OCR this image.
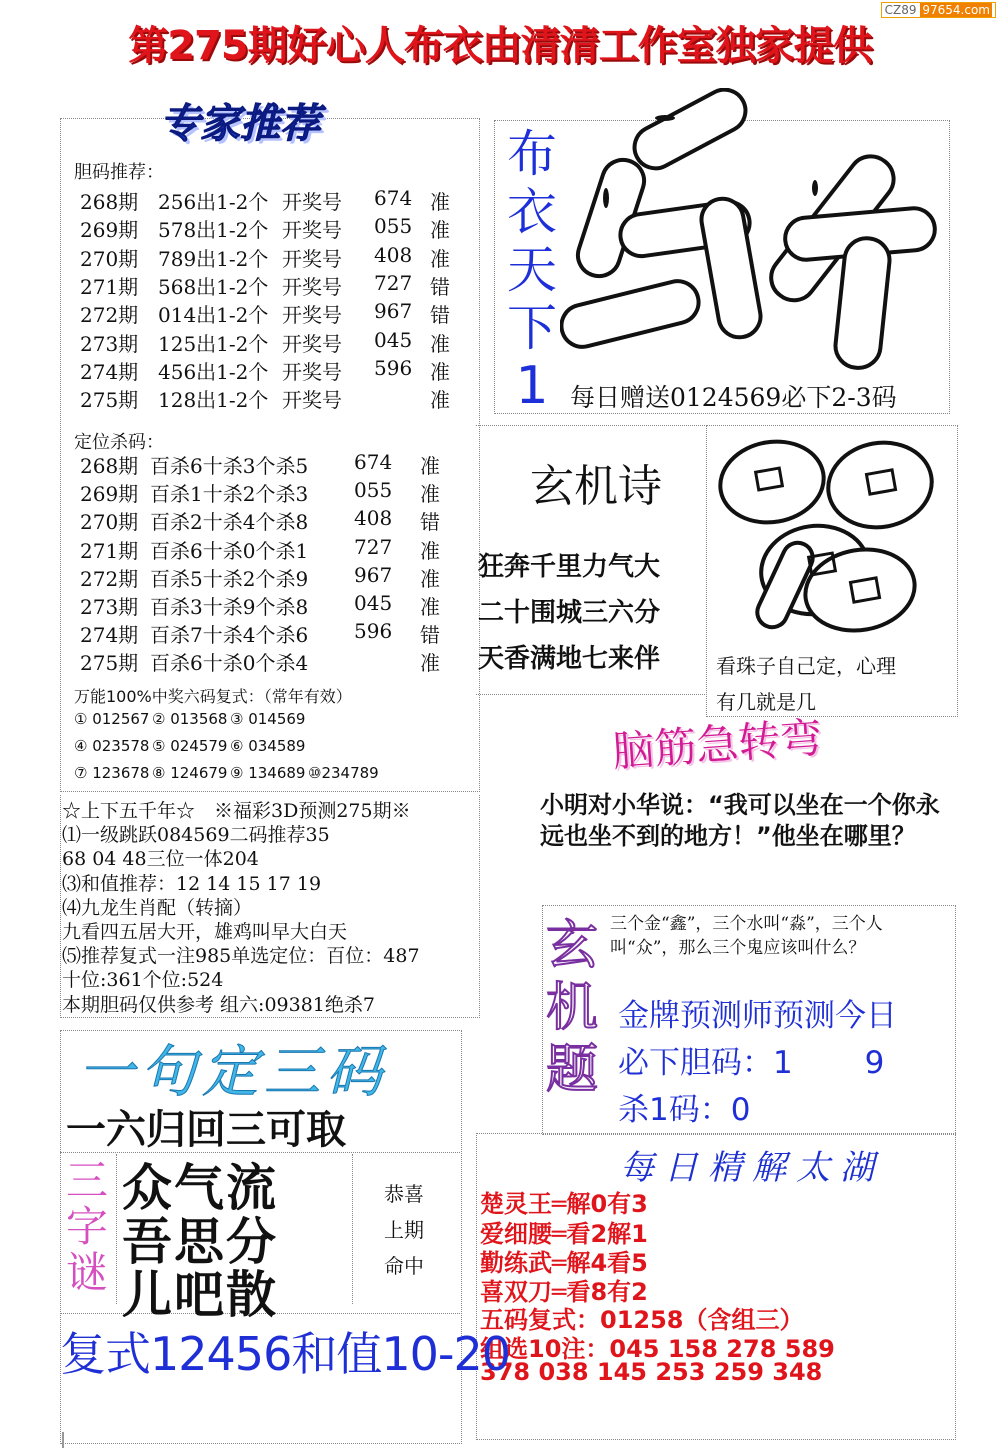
CZ89 97654.com
第275期好心人布衣由清清工作室独家提供
专家推荐
胆码推荐：
268期 256出1-2个 开奖号 674 准
269期 578出1-2个 开奖号 055 准
270期 789出1-2个 开奖号 408 准
271期 568出1-2个 开奖号 727 错
272期 014出1-2个 开奖号 967 错
273期 125出1-2个 开奖号 045 准
274期 456出1-2个 开奖号 596 准
275期 128出1-2个 开奖号	准
定位杀码：
268期 百杀6十杀3个杀5 674 准
269期 百杀1十杀2个杀3 055 准
270期 百杀2十杀4个杀8 408 错
271期 百杀6十杀0个杀1 727 准
272期 百杀5十杀2个杀9 967 准
273期 百杀3十杀9个杀8 045 准
274期 百杀7十杀4个杀6 596 错
275期 百杀6十杀0个杀4	准
万能100%中奖六码复式：（常年有效）
① 012567 ② 013568 ③ 014569
④ 023578 ⑤ 024579 ⑥ 034589
⑦ 123678 ⑧ 124679 ⑨ 134689 ⑩234789
☆上下五千年☆　※福彩3D预测275期※
⑴一级跳跃084569二码推荐35
68 04 48三位一体204
⑶和值推荐：12 14 15 17 19
⑷九龙生肖配（转摘）
九看四五居大开，雄鸡叫早大白天
⑸推荐复式一注985单选定位：百位：487
十位:361个位:524
本期胆码仅供参考 组六:09381绝杀7
布
衣
天
下
1 每日赠送0124569必下2-3码
玄机诗
狂奔千里力气大
二十围城三六分
天香满地七来伴	看珠子自己定，心理
有几就是几
脑筋急转弯
小明对小华说：“我可以坐在一个你永远也坐不到的地方！”他坐在哪里？
玄
机
题
三个金“鑫”，三个水叫“淼”，三个人叫“众”，那么三个鬼应该叫什么？
金牌预测师预测今日
必下胆码：1　　 9
杀1码：0
每日精解太湖
楚灵王═解0有3
爱细腰═看2解1
勤练武═解4看5
喜双刀═看8有2
五码复式：01258（含组三）
组选10注：045 158 278 589
378 038 145 253 259 348
一句定三码
一六归回三可取
三
字
谜
众气流
吾思分
儿吧散
恭喜
上期
命中
复式12456和值10-20
